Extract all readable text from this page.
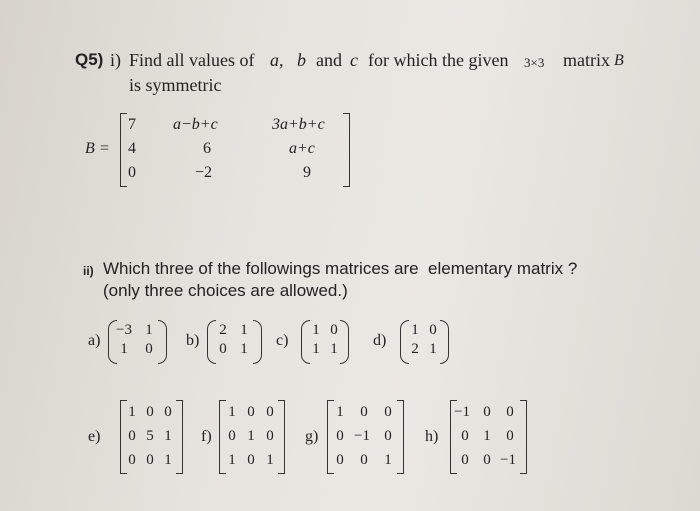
Q5) i) Find all values of a, b and c for which the given 3×3 matrix B
is symmetric
B =
7 a−b+c	3a+b+c
4	6	a+c
0	−2	9
ii) Which three of the followings matrices are  elementary matrix ?
(only three choices are allowed.)
a)
−3 1
1	0	b)
2 1
0 1	c)
1 0
1 1	d)
1 0
2 1
e)
1 0 0
0 5 1
0 0 1
f)
1 0 0
0 1 0
1 0 1
g)
1	0	0
0 −1 0
0	0	1
h)
−1 0	0
0 1	0
0 0 −1
